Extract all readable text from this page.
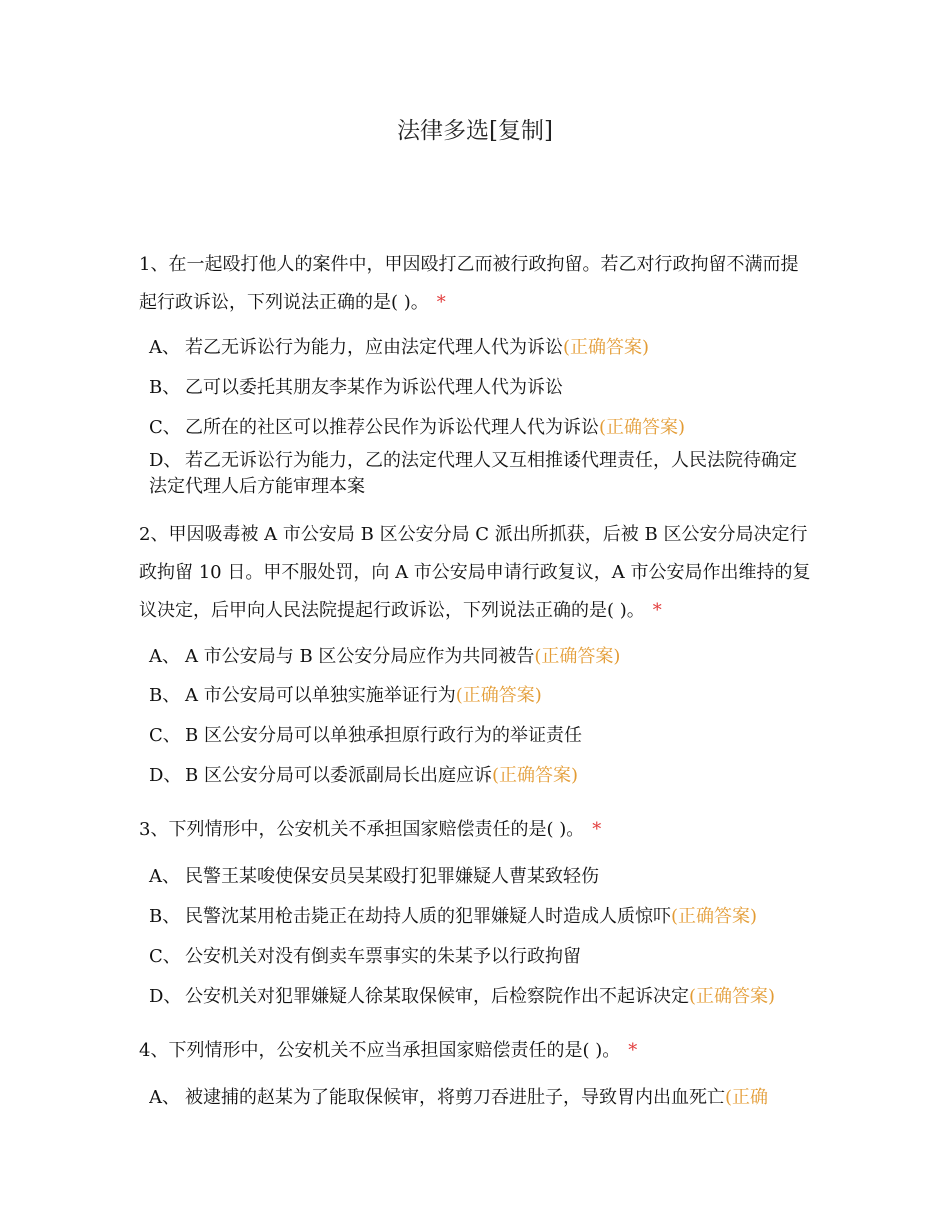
法律多选[复制]
1、在一起殴打他人的案件中，甲因殴打乙而被行政拘留。若乙对行政拘留不满而提起行政诉讼，下列说法正确的是( )。 *
A、 若乙无诉讼行为能力，应由法定代理人代为诉讼(正确答案)
B、 乙可以委托其朋友李某作为诉讼代理人代为诉讼
C、 乙所在的社区可以推荐公民作为诉讼代理人代为诉讼(正确答案)
D、 若乙无诉讼行为能力，乙的法定代理人又互相推诿代理责任，人民法院待确定法定代理人后方能审理本案
2、甲因吸毒被 A 市公安局 B 区公安分局 C 派出所抓获，后被 B 区公安分局决定行政拘留 10 日。甲不服处罚，向 A 市公安局申请行政复议，A 市公安局作出维持的复议决定，后甲向人民法院提起行政诉讼，下列说法正确的是( )。 *
A、 A 市公安局与 B 区公安分局应作为共同被告(正确答案)
B、 A 市公安局可以单独实施举证行为(正确答案)
C、 B 区公安分局可以单独承担原行政行为的举证责任
D、 B 区公安分局可以委派副局长出庭应诉(正确答案)
3、下列情形中，公安机关不承担国家赔偿责任的是( )。 *
A、 民警王某唆使保安员吴某殴打犯罪嫌疑人曹某致轻伤
B、 民警沈某用枪击毙正在劫持人质的犯罪嫌疑人时造成人质惊吓(正确答案)
C、 公安机关对没有倒卖车票事实的朱某予以行政拘留
D、 公安机关对犯罪嫌疑人徐某取保候审，后检察院作出不起诉决定(正确答案)
4、下列情形中，公安机关不应当承担国家赔偿责任的是( )。 *
A、 被逮捕的赵某为了能取保候审，将剪刀吞进肚子，导致胃内出血死亡(正确
